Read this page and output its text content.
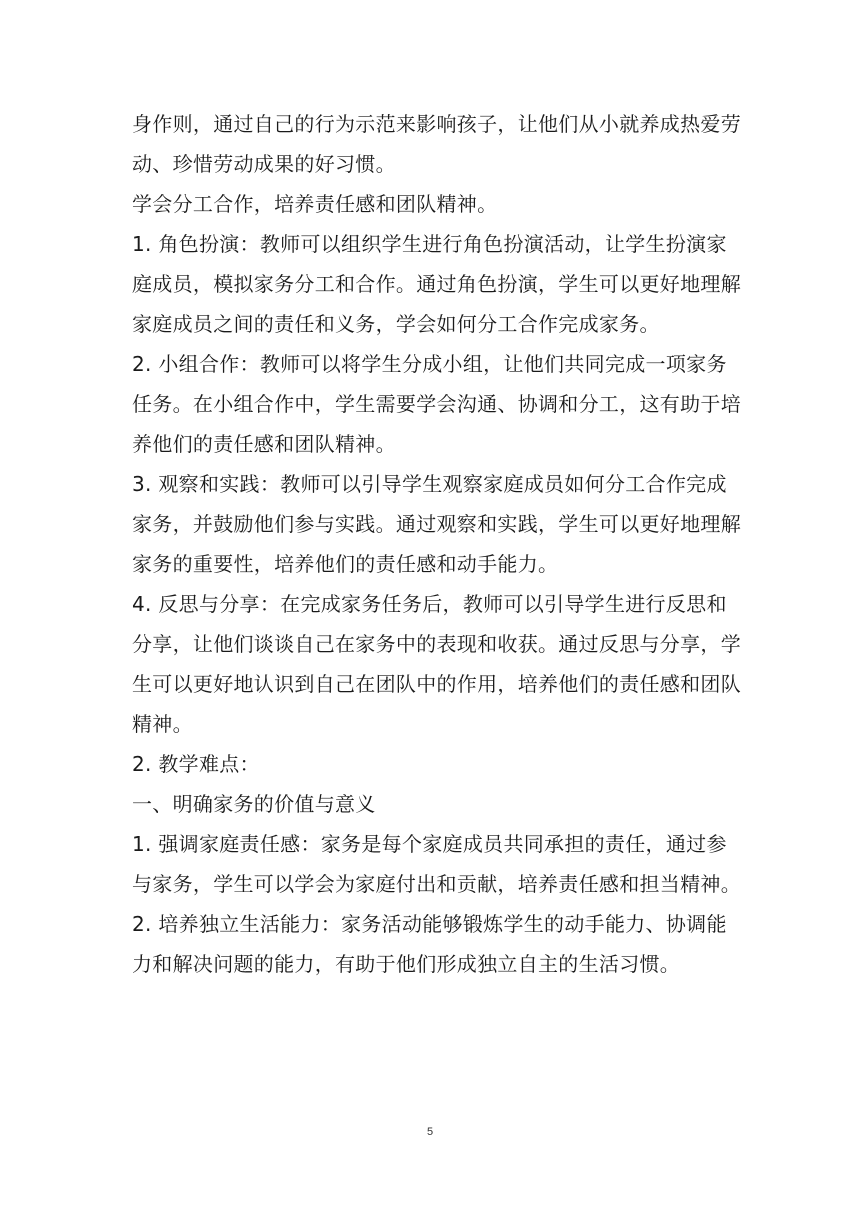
身作则，通过自己的行为示范来影响孩子，让他们从小就养成热爱劳
动、珍惜劳动成果的好习惯。
学会分工合作，培养责任感和团队精神。
1. 角色扮演：教师可以组织学生进行角色扮演活动，让学生扮演家
庭成员，模拟家务分工和合作。通过角色扮演，学生可以更好地理解
家庭成员之间的责任和义务，学会如何分工合作完成家务。
2. 小组合作：教师可以将学生分成小组，让他们共同完成一项家务
任务。在小组合作中，学生需要学会沟通、协调和分工，这有助于培
养他们的责任感和团队精神。
3. 观察和实践：教师可以引导学生观察家庭成员如何分工合作完成
家务，并鼓励他们参与实践。通过观察和实践，学生可以更好地理解
家务的重要性，培养他们的责任感和动手能力。
4. 反思与分享：在完成家务任务后，教师可以引导学生进行反思和
分享，让他们谈谈自己在家务中的表现和收获。通过反思与分享，学
生可以更好地认识到自己在团队中的作用，培养他们的责任感和团队
精神。
2. 教学难点：
一、明确家务的价值与意义
1. 强调家庭责任感：家务是每个家庭成员共同承担的责任，通过参
与家务，学生可以学会为家庭付出和贡献，培养责任感和担当精神。
2. 培养独立生活能力：家务活动能够锻炼学生的动手能力、协调能
力和解决问题的能力，有助于他们形成独立自主的生活习惯。
5
